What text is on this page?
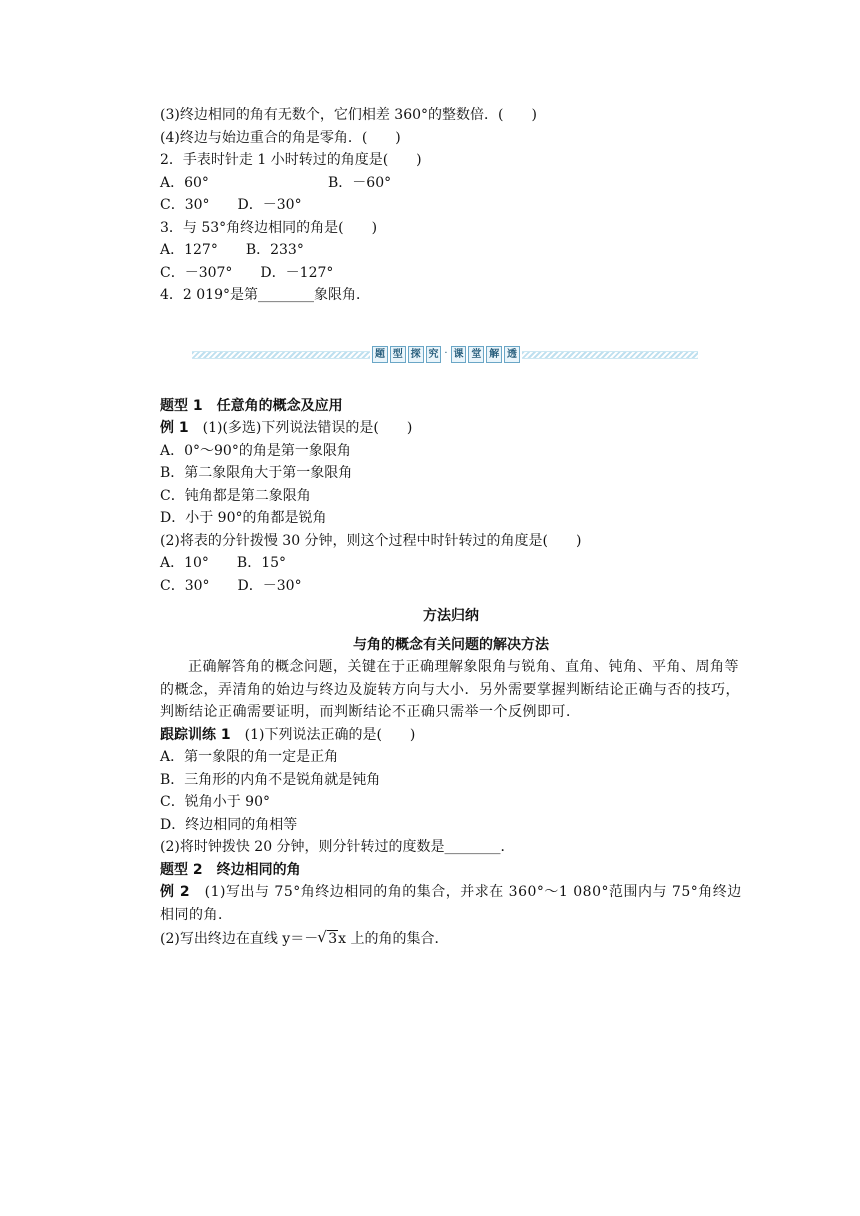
(3)终边相同的角有无数个，它们相差 360°的整数倍．(　　)

(4)终边与始边重合的角是零角．(　　)

2．手表时针走 1 小时转过的角度是(　　)

A．60°	B．－60°

C．30°　　D．－30°

3．与 53°角终边相同的角是(　　)

A．127°　　B．233°

C．－307°　　D．－127°

4．2 019°是第________象限角．

题 型 探 究 · 课 堂 解 透

题型 1　任意角的概念及应用

例 1　(1)(多选)下列说法错误的是(　　)

A．0°～90°的角是第一象限角

B．第二象限角大于第一象限角

C．钝角都是第二象限角

D．小于 90°的角都是锐角

(2)将表的分针拨慢 30 分钟，则这个过程中时针转过的角度是(　　)

A．10°　　B．15°

C．30°　　D．－30°

方法归纳

与角的概念有关问题的解决方法

正确解答角的概念问题，关键在于正确理解象限角与锐角、直角、钝角、平角、周角等的概念，弄清角的始边与终边及旋转方向与大小．另外需要掌握判断结论正确与否的技巧，判断结论正确需要证明，而判断结论不正确只需举一个反例即可．

跟踪训练 1　(1)下列说法正确的是(　　)

A．第一象限的角一定是正角

B．三角形的内角不是锐角就是钝角

C．锐角小于 90°

D．终边相同的角相等

(2)将时钟拨快 20 分钟，则分针转过的度数是________．

题型 2　终边相同的角

例 2　(1)写出与 75°角终边相同的角的集合，并求在 360°～1 080°范围内与 75°角终边相同的角．

(2)写出终边在直线 y＝－√ 3x 上的角的集合．
